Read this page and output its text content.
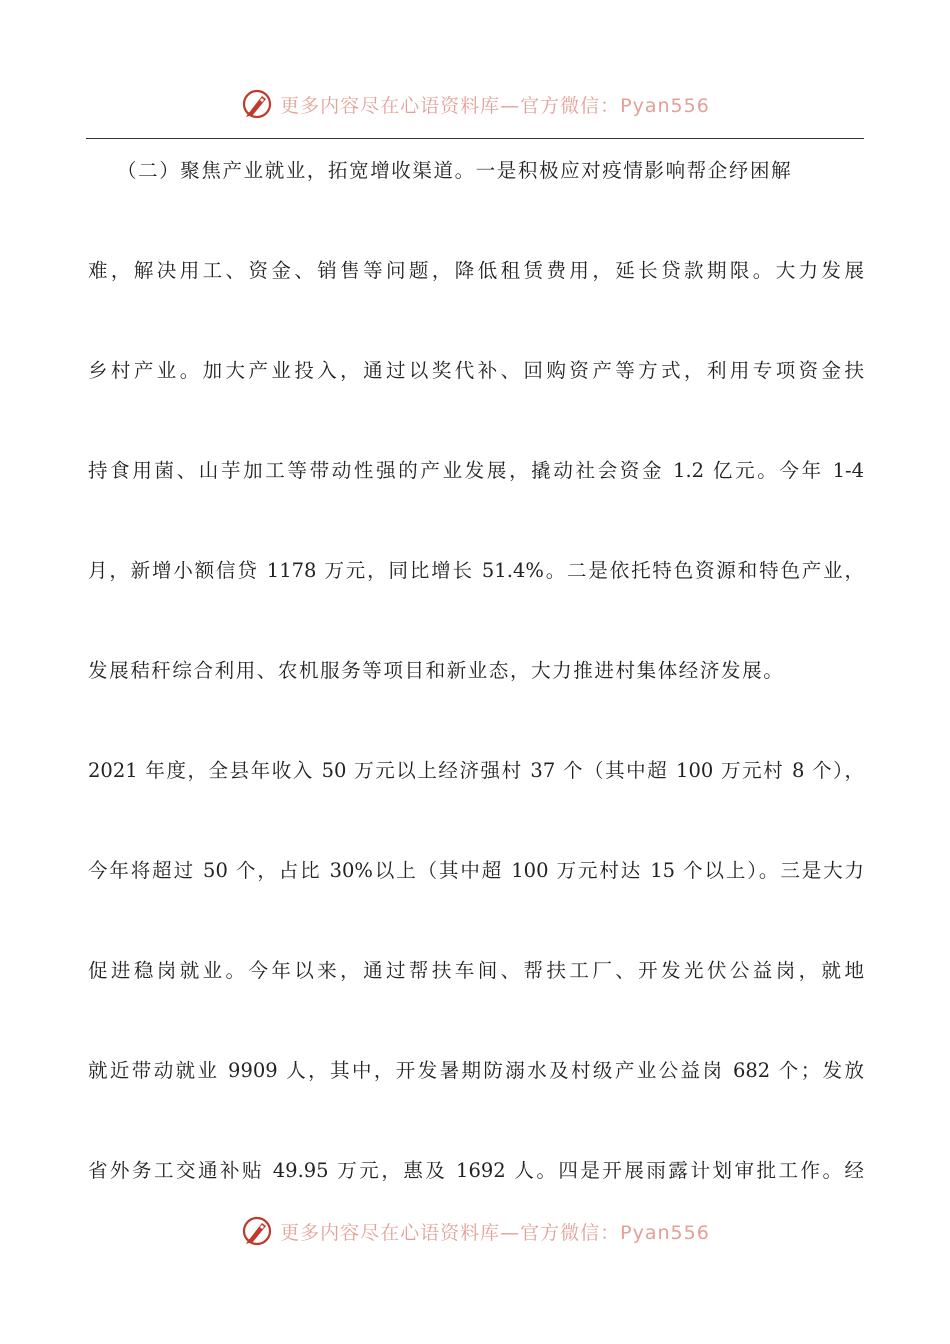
更多内容尽在心语资料库—官方微信：Pyan556
（二）聚焦产业就业，拓宽增收渠道。一是积极应对疫情影响帮企纾困解
难，解决用工、资金、销售等问题，降低租赁费用，延长贷款期限。大力发展
乡村产业。加大产业投入，通过以奖代补、回购资产等方式，利用专项资金扶
持食用菌、山芋加工等带动性强的产业发展，撬动社会资金 1.2 亿元。今年 1-4
月，新增小额信贷 1178 万元，同比增长 51.4%。二是依托特色资源和特色产业，
发展秸秆综合利用、农机服务等项目和新业态，大力推进村集体经济发展。
2021 年度，全县年收入 50 万元以上经济强村 37 个（其中超 100 万元村 8 个），
今年将超过 50 个，占比 30%以上（其中超 100 万元村达 15 个以上）。三是大力
促进稳岗就业。今年以来，通过帮扶车间、帮扶工厂、开发光伏公益岗，就地
就近带动就业 9909 人，其中，开发暑期防溺水及村级产业公益岗 682 个；发放
省外务工交通补贴 49.95 万元，惠及 1692 人。四是开展雨露计划审批工作。经
更多内容尽在心语资料库—官方微信：Pyan556
